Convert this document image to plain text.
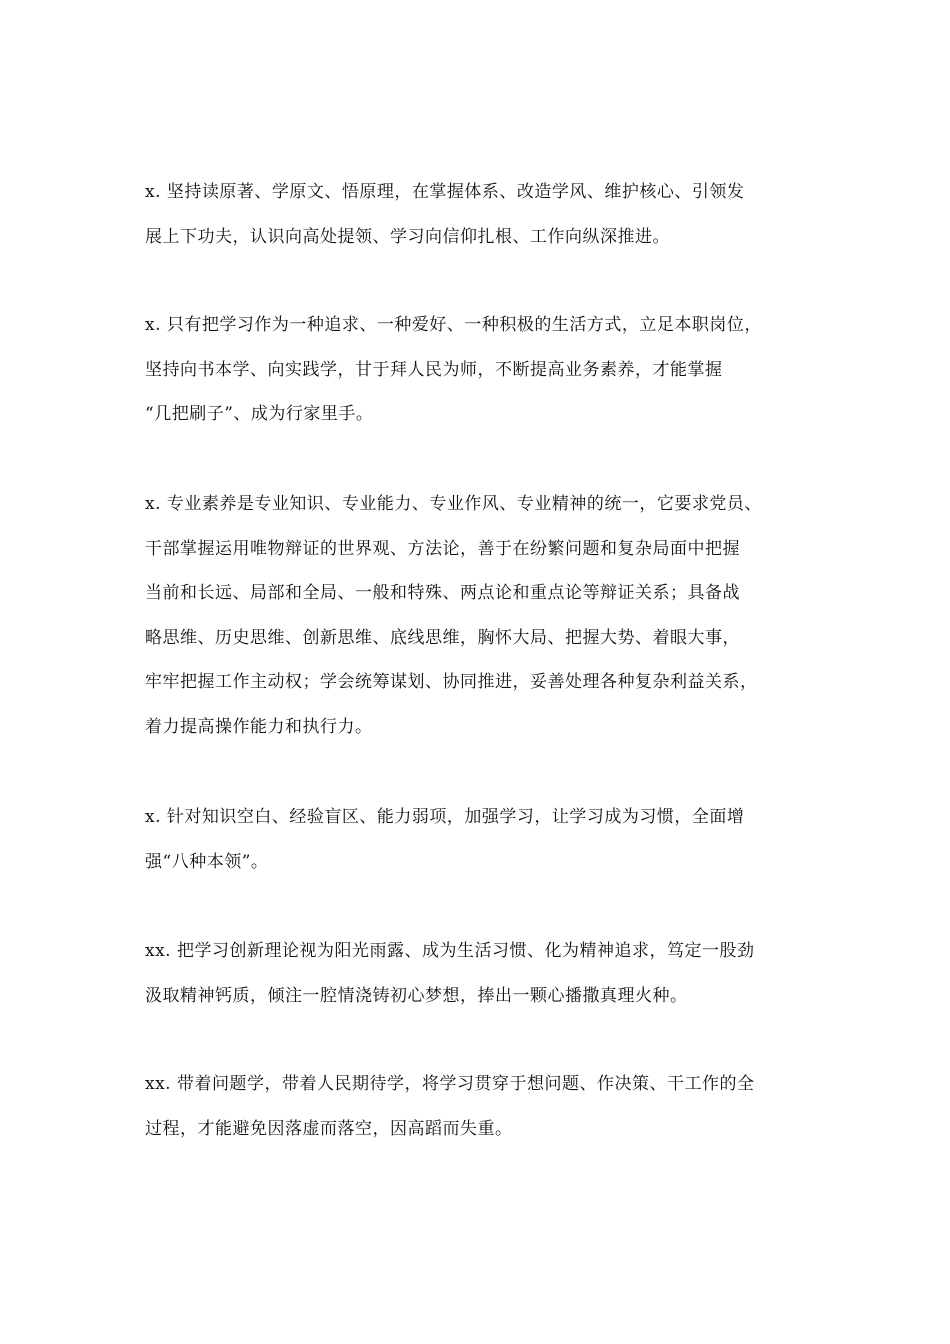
x. 坚持读原著、学原文、悟原理，在掌握体系、改造学风、维护核心、引领发
展上下功夫，认识向高处提领、学习向信仰扎根、工作向纵深推进。

x. 只有把学习作为一种追求、一种爱好、一种积极的生活方式，立足本职岗位，
坚持向书本学、向实践学，甘于拜人民为师，不断提高业务素养，才能掌握
“几把刷子”、成为行家里手。

x. 专业素养是专业知识、专业能力、专业作风、专业精神的统一，它要求党员、
干部掌握运用唯物辩证的世界观、方法论，善于在纷繁问题和复杂局面中把握
当前和长远、局部和全局、一般和特殊、两点论和重点论等辩证关系；具备战
略思维、历史思维、创新思维、底线思维，胸怀大局、把握大势、着眼大事，
牢牢把握工作主动权；学会统筹谋划、协同推进，妥善处理各种复杂利益关系，
着力提高操作能力和执行力。

x. 针对知识空白、经验盲区、能力弱项，加强学习，让学习成为习惯，全面增
强“八种本领”。

xx. 把学习创新理论视为阳光雨露、成为生活习惯、化为精神追求，笃定一股劲
汲取精神钙质，倾注一腔情浇铸初心梦想，捧出一颗心播撒真理火种。

xx. 带着问题学，带着人民期待学，将学习贯穿于想问题、作决策、干工作的全
过程，才能避免因落虚而落空，因高蹈而失重。
